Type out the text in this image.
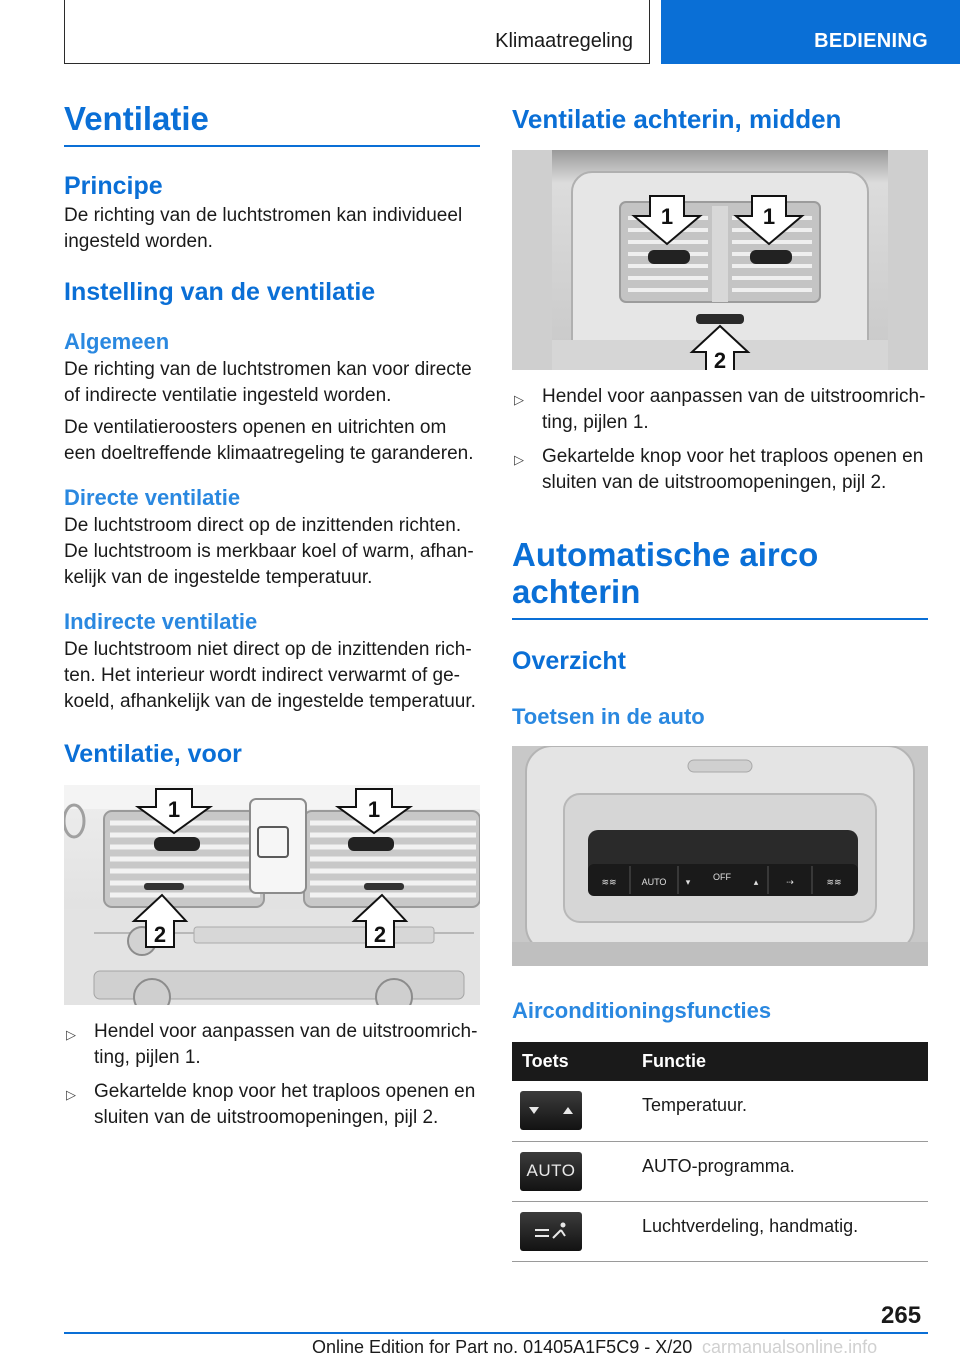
Klimaatregeling	BEDIENING
Ventilatie
Principe
De richting van de luchtstromen kan individueel ingesteld worden.
Instelling van de ventilatie
Algemeen
De richting van de luchtstromen kan voor directe of indirecte ventilatie ingesteld worden.
De ventilatieroosters openen en uitrichten om een doeltreffende klimaatregeling te garanderen.
Directe ventilatie
De luchtstroom direct op de inzittenden richten. De luchtstroom is merkbaar koel of warm, afhankelijk van de ingestelde temperatuur.
Indirecte ventilatie
De luchtstroom niet direct op de inzittenden richten. Het interieur wordt indirect verwarmt of gekoeld, afhankelijk van de ingestelde temperatuur.
Ventilatie, voor
1	1
2	2
▷ Hendel voor aanpassen van de uitstroomrichting, pijlen 1.
▷ Gekartelde knop voor het traploos openen en sluiten van de uitstroomopeningen, pijl 2.
Ventilatie achterin, midden
1	1
2
▷ Hendel voor aanpassen van de uitstroomrichting, pijlen 1.
▷ Gekartelde knop voor het traploos openen en sluiten van de uitstroomopeningen, pijl 2.
Automatische airco achterin
Overzicht
Toetsen in de auto
≋≋	AUTO ▾	OFF	▴	⇢	≋≋
Airconditioningsfuncties
Toets	Functie

	Temperatuur.

AUTO	AUTO-programma.

	Luchtverdeling, handmatig.
265
Online Edition for Part no. 01405A1F5C9 - X/20 carmanualsonline.info
